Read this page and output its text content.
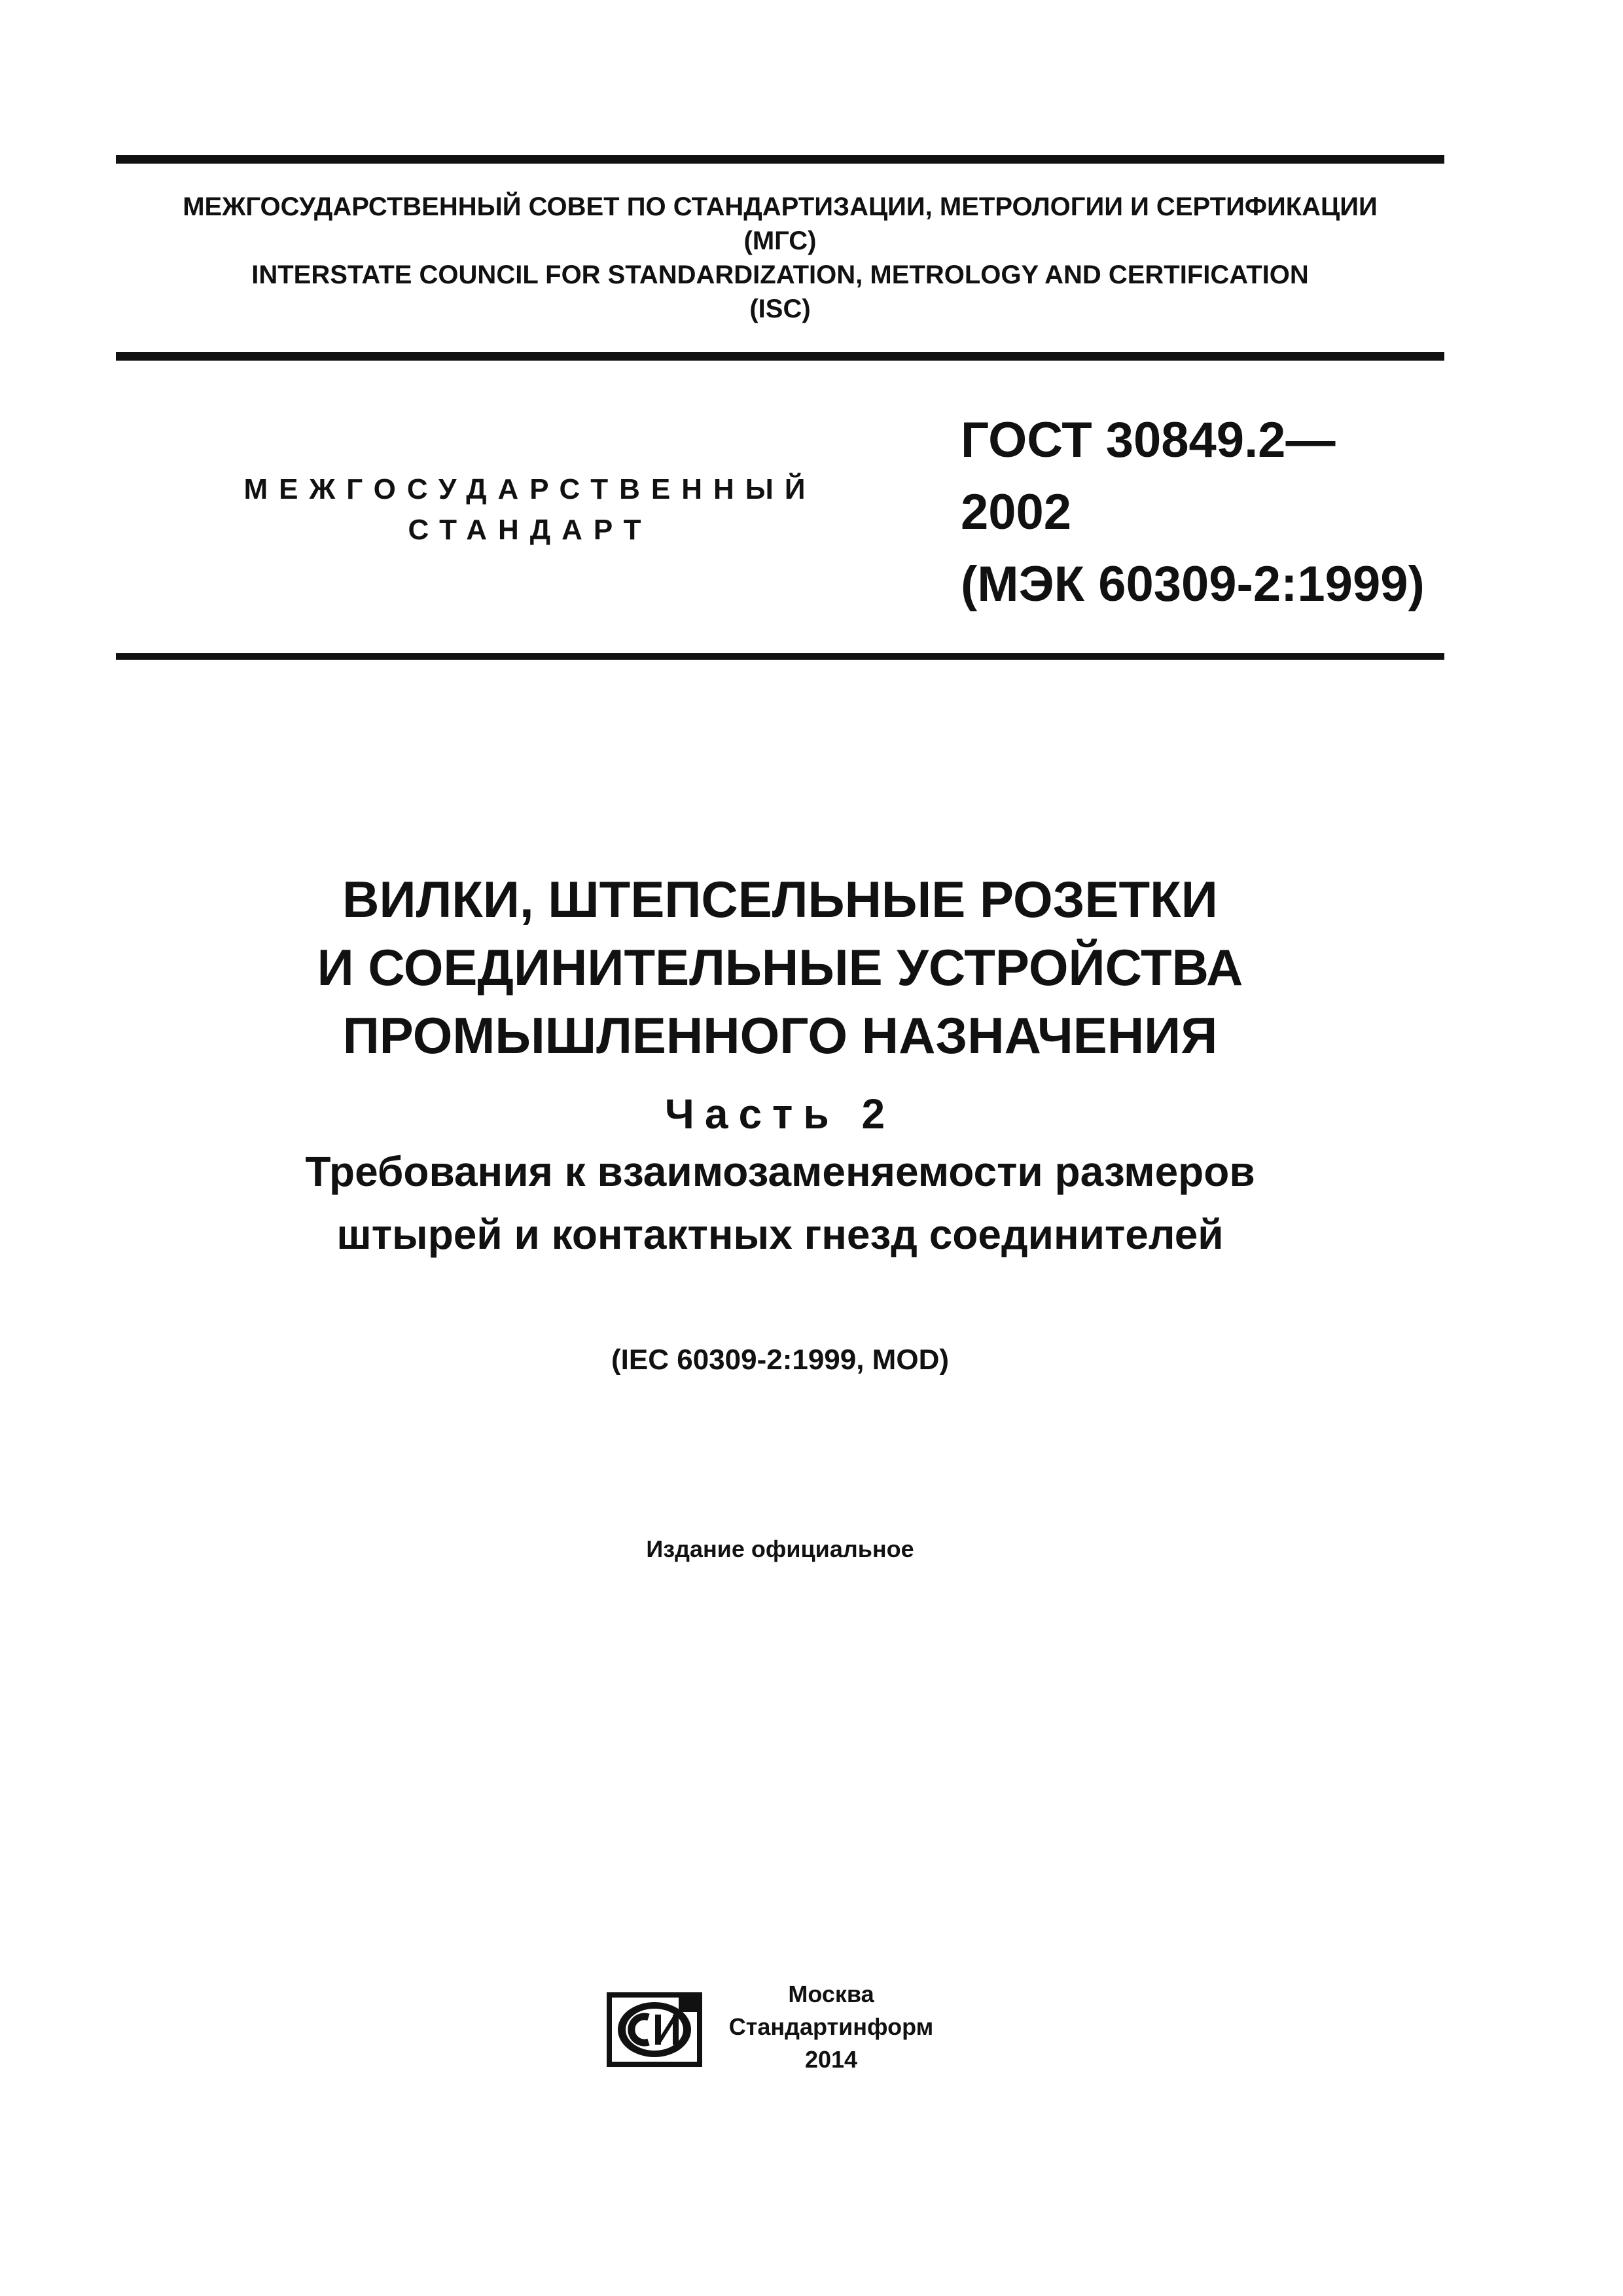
МЕЖГОСУДАРСТВЕННЫЙ СОВЕТ ПО СТАНДАРТИЗАЦИИ, МЕТРОЛОГИИ И СЕРТИФИКАЦИИ
(МГС)
INTERSTATE COUNCIL FOR STANDARDIZATION, METROLOGY AND CERTIFICATION
(ISC)
МЕЖГОСУДАРСТВЕННЫЙ
СТАНДАРТ
ГОСТ 30849.2—
2002
(МЭК 60309-2:1999)
ВИЛКИ, ШТЕПСЕЛЬНЫЕ РОЗЕТКИ
И СОЕДИНИТЕЛЬНЫЕ УСТРОЙСТВА
ПРОМЫШЛЕННОГО НАЗНАЧЕНИЯ
Часть 2
Требования к взаимозаменяемости размеров
штырей и контактных гнезд соединителей
(IEC 60309-2:1999, MOD)
Издание официальное
Москва
Стандартинформ
2014
